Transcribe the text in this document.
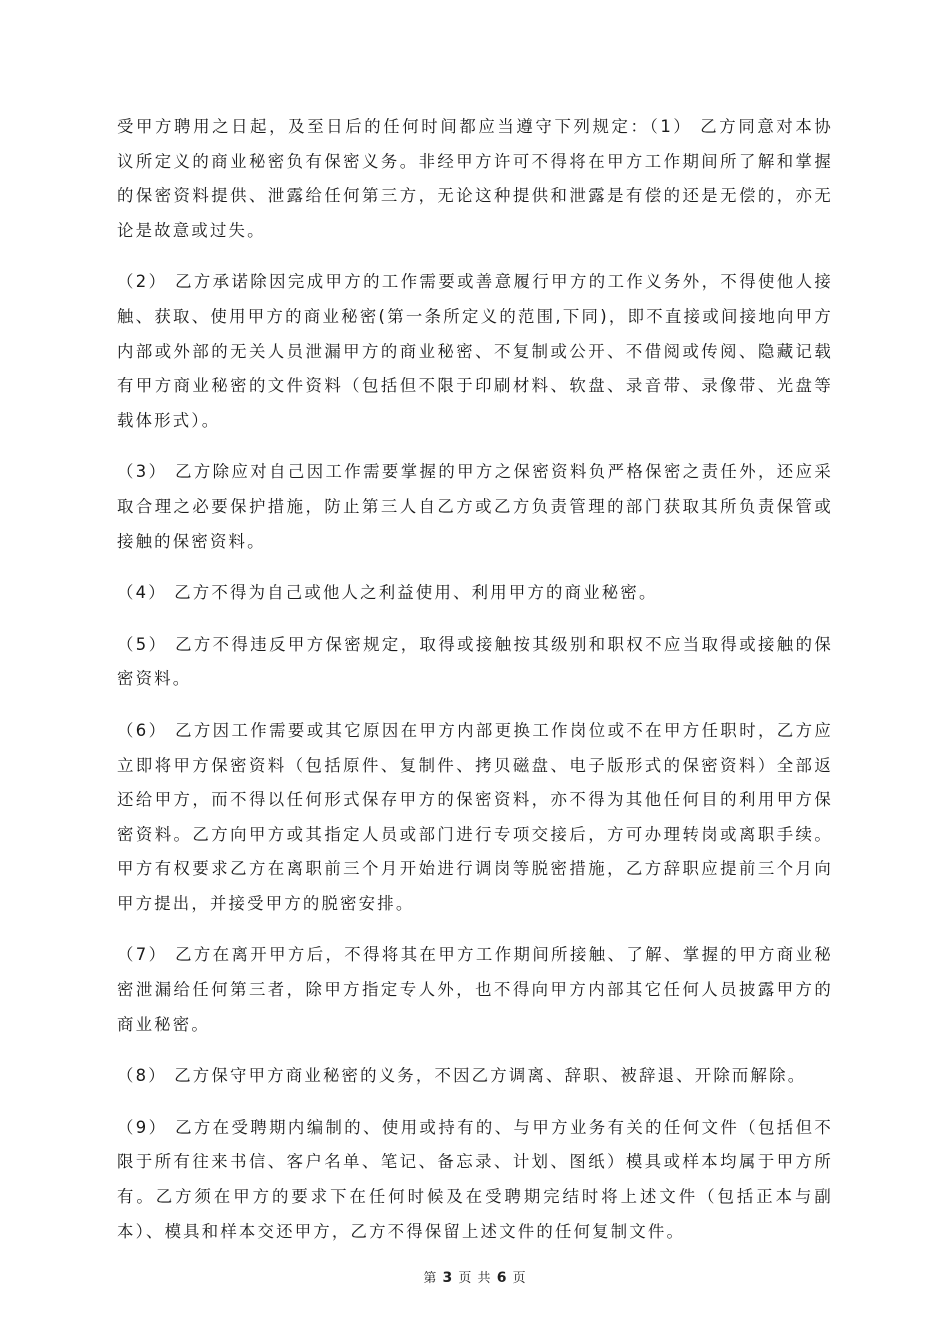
受甲方聘用之日起，及至日后的任何时间都应当遵守下列规定：（1） 乙方同意对本协议所定义的商业秘密负有保密义务。非经甲方许可不得将在甲方工作期间所了解和掌握的保密资料提供、泄露给任何第三方，无论这种提供和泄露是有偿的还是无偿的，亦无论是故意或过失。

（2） 乙方承诺除因完成甲方的工作需要或善意履行甲方的工作义务外，不得使他人接触、获取、使用甲方的商业秘密(第一条所定义的范围,下同)，即不直接或间接地向甲方内部或外部的无关人员泄漏甲方的商业秘密、不复制或公开、不借阅或传阅、隐藏记载有甲方商业秘密的文件资料（包括但不限于印刷材料、软盘、录音带、录像带、光盘等载体形式）。

（3） 乙方除应对自己因工作需要掌握的甲方之保密资料负严格保密之责任外，还应采取合理之必要保护措施，防止第三人自乙方或乙方负责管理的部门获取其所负责保管或接触的保密资料。

（4） 乙方不得为自己或他人之利益使用、利用甲方的商业秘密。

（5） 乙方不得违反甲方保密规定，取得或接触按其级别和职权不应当取得或接触的保密资料。

（6） 乙方因工作需要或其它原因在甲方内部更换工作岗位或不在甲方任职时，乙方应立即将甲方保密资料（包括原件、复制件、拷贝磁盘、电子版形式的保密资料）全部返还给甲方，而不得以任何形式保存甲方的保密资料，亦不得为其他任何目的利用甲方保密资料。乙方向甲方或其指定人员或部门进行专项交接后，方可办理转岗或离职手续。甲方有权要求乙方在离职前三个月开始进行调岗等脱密措施，乙方辞职应提前三个月向甲方提出，并接受甲方的脱密安排。

（7） 乙方在离开甲方后，不得将其在甲方工作期间所接触、了解、掌握的甲方商业秘密泄漏给任何第三者，除甲方指定专人外，也不得向甲方内部其它任何人员披露甲方的商业秘密。

（8） 乙方保守甲方商业秘密的义务，不因乙方调离、辞职、被辞退、开除而解除。

（9） 乙方在受聘期内编制的、使用或持有的、与甲方业务有关的任何文件（包括但不限于所有往来书信、客户名单、笔记、备忘录、计划、图纸）模具或样本均属于甲方所有。乙方须在甲方的要求下在任何时候及在受聘期完结时将上述文件（包括正本与副本）、模具和样本交还甲方，乙方不得保留上述文件的任何复制文件。

第 3 页 共 6 页
